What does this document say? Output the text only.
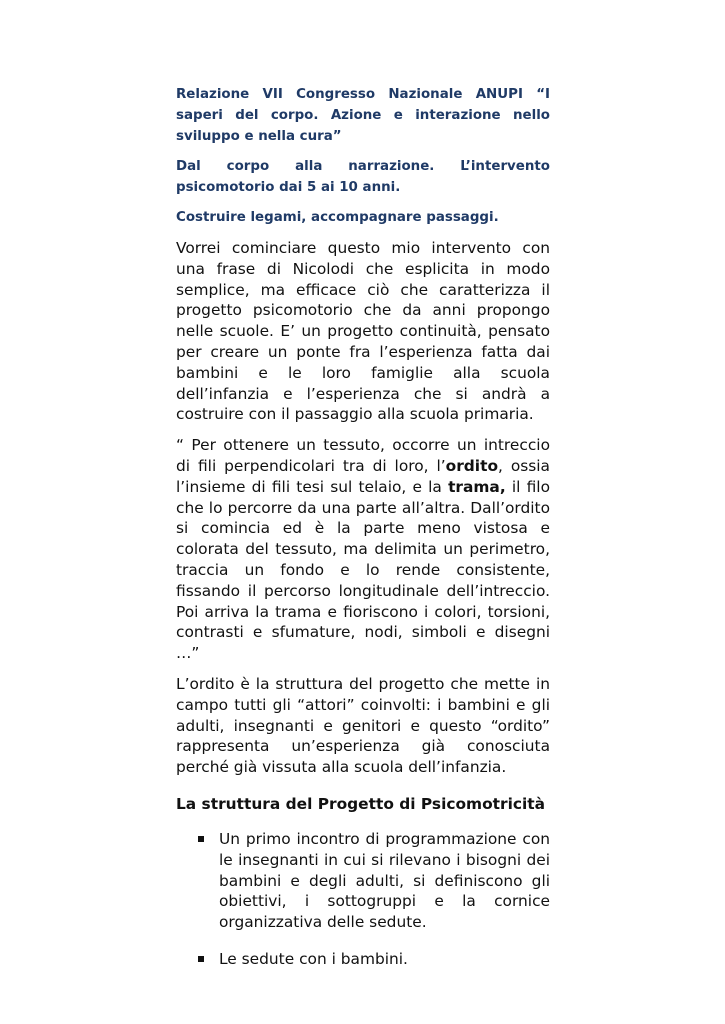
Relazione VII Congresso Nazionale ANUPI “I saperi del corpo. Azione e interazione nello sviluppo e nella cura”

Dal corpo alla narrazione. L’intervento psicomotorio dai 5 ai 10 anni.

Costruire legami, accompagnare passaggi.

Vorrei cominciare questo mio intervento con una frase di Nicolodi che esplicita in modo semplice, ma efficace ciò che caratterizza il progetto psicomotorio che da anni propongo nelle scuole. E’ un progetto continuità, pensato per creare un ponte fra l’esperienza fatta dai bambini e le loro famiglie alla scuola dell’infanzia e l’esperienza che si andrà a costruire con il passaggio alla scuola primaria.

“ Per ottenere un tessuto, occorre un intreccio di fili perpendicolari tra di loro, l’ordito, ossia l’insieme di fili tesi sul telaio, e la trama, il filo che lo percorre da una parte all’altra. Dall’ordito si comincia ed è la parte meno vistosa e colorata del tessuto, ma delimita un perimetro, traccia un fondo e lo rende consistente, fissando il percorso longitudinale dell’intreccio. Poi arriva la trama e fioriscono i colori, torsioni, contrasti e sfumature, nodi, simboli e disegni …”

L’ordito è la struttura del progetto che mette in campo tutti gli “attori” coinvolti: i bambini e gli adulti, insegnanti e genitori e questo “ordito” rappresenta un’esperienza già conosciuta perché già vissuta alla scuola dell’infanzia.

La struttura del Progetto di Psicomotricità
Un primo incontro di programmazione con le insegnanti in cui si rilevano i bisogni dei bambini e degli adulti, si definiscono gli obiettivi, i sottogruppi e la cornice organizzativa delle sedute.
Le sedute con i bambini.
